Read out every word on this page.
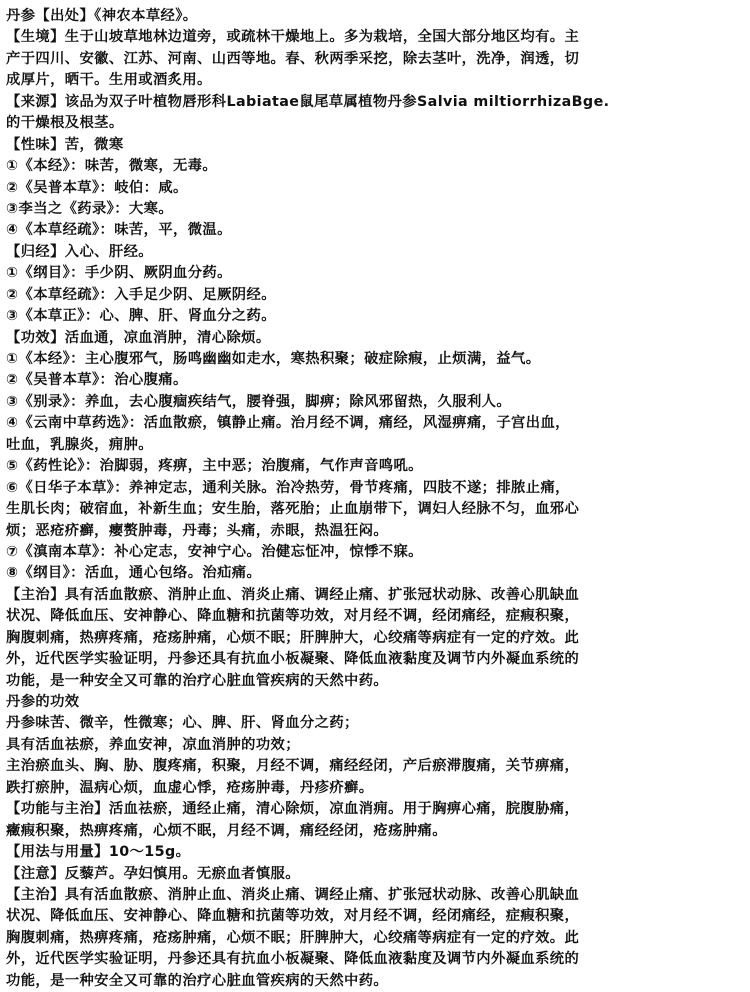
丹参【出处】《神农本草经》。
【生境】生于山坡草地林边道旁，或疏林干燥地上。多为栽培，全国大部分地区均有。主
产于四川、安徽、江苏、河南、山西等地。春、秋两季采挖，除去茎叶，洗净，润透，切
成厚片，晒干。生用或酒炙用。
【来源】该品为双子叶植物唇形科Labiatae鼠尾草属植物丹参Salvia miltiorrhizaBge.
的干燥根及根茎。
【性味】苦，微寒
①《本经》：味苦，微寒，无毒。
②《吴普本草》：岐伯：咸。
③李当之《药录》：大寒。
④《本草经疏》：味苦，平，微温。
【归经】入心、肝经。
①《纲目》：手少阴、厥阴血分药。
②《本草经疏》：入手足少阴、足厥阴经。
③《本草正》：心、脾、肝、肾血分之药。
【功效】活血通，凉血消肿，清心除烦。
①《本经》：主心腹邪气，肠鸣幽幽如走水，寒热积聚；破症除瘕，止烦满，益气。
②《吴普本草》：治心腹痛。
③《别录》：养血，去心腹痼疾结气，腰脊强，脚痹；除风邪留热，久服利人。
④《云南中草药选》：活血散瘀，镇静止痛。治月经不调，痛经，风湿痹痛，子宫出血，
吐血，乳腺炎，痈肿。
⑤《药性论》：治脚弱，疼痹，主中恶；治腹痛，气作声音鸣吼。
⑥《日华子本草》：养神定志，通利关脉。治冷热劳，骨节疼痛，四肢不遂；排脓止痛，
生肌长肉；破宿血，补新生血；安生胎，落死胎；止血崩带下，调妇人经脉不匀，血邪心
烦；恶疮疥癣，瘿赘肿毒，丹毒；头痛，赤眼，热温狂闷。
⑦《滇南本草》：补心定志，安神宁心。治健忘怔冲，惊悸不寐。
⑧《纲目》：活血，通心包络。治疝痛。
【主治】具有活血散瘀、消肿止血、消炎止痛、调经止痛、扩张冠状动脉、改善心肌缺血
状况、降低血压、安神静心、降血糖和抗菌等功效，对月经不调，经闭痛经，症瘕积聚，
胸腹刺痛，热痹疼痛，疮疡肿痛，心烦不眠；肝脾肿大，心绞痛等病症有一定的疗效。此
外，近代医学实验证明，丹参还具有抗血小板凝聚、降低血液黏度及调节内外凝血系统的
功能，是一种安全又可靠的治疗心脏血管疾病的天然中药。
丹参的功效
丹参味苦、微辛，性微寒；心、脾、肝、肾血分之药；
具有活血祛瘀，养血安神，凉血消肿的功效；
主治瘀血头、胸、胁、腹疼痛，积聚，月经不调，痛经经闭，产后瘀滞腹痛，关节痹痛，
跌打瘀肿，温病心烦，血虚心悸，疮疡肿毒，丹疹疥癣。
【功能与主治】活血祛瘀，通经止痛，清心除烦，凉血消痈。用于胸痹心痛，脘腹胁痛，
癥瘕积聚，热痹疼痛，心烦不眠，月经不调，痛经经闭，疮疡肿痛。
【用法与用量】10～15g。
【注意】反藜芦。孕妇慎用。无瘀血者慎服。
【主治】具有活血散瘀、消肿止血、消炎止痛、调经止痛、扩张冠状动脉、改善心肌缺血
状况、降低血压、安神静心、降血糖和抗菌等功效，对月经不调，经闭痛经，症瘕积聚，
胸腹刺痛，热痹疼痛，疮疡肿痛，心烦不眠；肝脾肿大，心绞痛等病症有一定的疗效。此
外，近代医学实验证明，丹参还具有抗血小板凝聚、降低血液黏度及调节内外凝血系统的
功能，是一种安全又可靠的治疗心脏血管疾病的天然中药。
